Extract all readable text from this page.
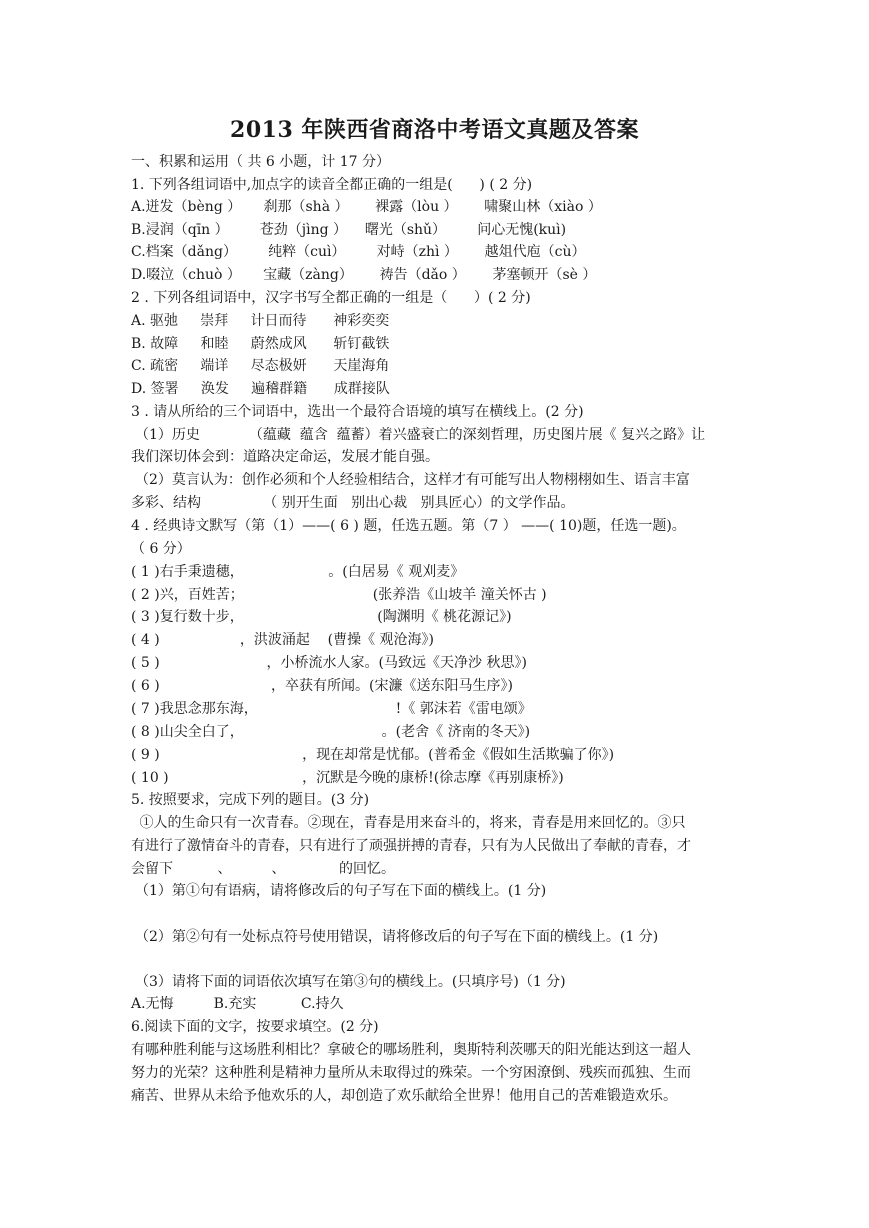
2013 年陕西省商洛中考语文真题及答案
一、积累和运用（ 共 6 小题，计 17 分）
1. 下列各组词语中,加点字的读音全都正确的一组是(      ) ( 2 分)
A.迸发（bèng ）     刹那（shà ）      裸露（lòu ）      啸聚山林（xiào ）
B.浸润（qīn ）       苍劲（jìng ）    曙光（shǔ）       问心无愧(kuì)
C.档案（dǎng）       纯粹（cuì）       对峙（zhì ）      越俎代庖（cù）
D.啜泣（chuò ）     宝藏（zàng）      祷告（dǎo ）      茅塞顿开（sè ）
2 . 下列各组词语中，汉字书写全都正确的一组是（      ）( 2 分)
A. 驱弛     崇拜     计日而待      神彩奕奕
B. 故障     和睦     蔚然成风      斩钉截铁
C. 疏密     端详     尽态极妍      天崖海角
D. 签署     涣发     遍稽群籍      成群接队
3 . 请从所给的三个词语中，选出一个最符合语境的填写在横线上。(2 分)
（1）历史           （蕴藏  蕴含  蕴蓄）着兴盛衰亡的深刻哲理，历史图片展《 复兴之路》让
我们深切体会到：道路决定命运，发展才能自强。
（2）莫言认为：创作必须和个人经验相结合，这样才有可能写出人物栩栩如生、语言丰富
多彩、结构              （ 别开生面   别出心裁   别具匠心）的文学作品。
4 . 经典诗文默写（第（1）——( 6 ) 题，任选五题。第（7 ） ——( 10)题，任选一题)。
（ 6 分）
( 1 )右手秉遗穗，                   。(白居易《 观刈麦》
( 2 )兴，百姓苦；                             (张养浩《山坡羊 潼关怀古 )
( 3 )复行数十步，                              (陶渊明《 桃花源记》)
( 4 )                  ，洪波涌起    (曹操《 观沧海》)
( 5 )                        ，小桥流水人家。(马致远《天净沙 秋思》)
( 6 )                         ，卒获有所闻。(宋濂《送东阳马生序》)
( 7 )我思念那东海，                               !《 郭沫若《雷电颂》
( 8 )山尖全白了，                               。(老舍《 济南的冬天》)
( 9 )                                ，现在却常是忧郁。(普希金《假如生活欺骗了你》)
( 10 )                              ，沉默是今晚的康桥!(徐志摩《再别康桥》)
5. 按照要求，完成下列的题目。(3 分)
①人的生命只有一次青春。②现在，青春是用来奋斗的，将来，青春是用来回忆的。③只
有进行了激情奋斗的青春，只有进行了顽强拼搏的青春，只有为人民做出了奉献的青春，才
会留下          、         、            的回忆。
（1）第①句有语病，请将修改后的句子写在下面的横线上。(1 分)
（2）第②句有一处标点符号使用错误，请将修改后的句子写在下面的横线上。(1 分)
（3）请将下面的词语依次填写在第③句的横线上。(只填序号)（1 分)
A.无悔         B.充实          C.持久
6.阅读下面的文字，按要求填空。(2 分)
有哪种胜利能与这场胜利相比？拿破仑的哪场胜利，奥斯特利茨哪天的阳光能达到这一超人
努力的光荣？这种胜利是精神力量所从未取得过的殊荣。一个穷困潦倒、残疾而孤独、生而
痛苦、世界从未给予他欢乐的人，却创造了欢乐献给全世界！他用自己的苦难锻造欢乐。
